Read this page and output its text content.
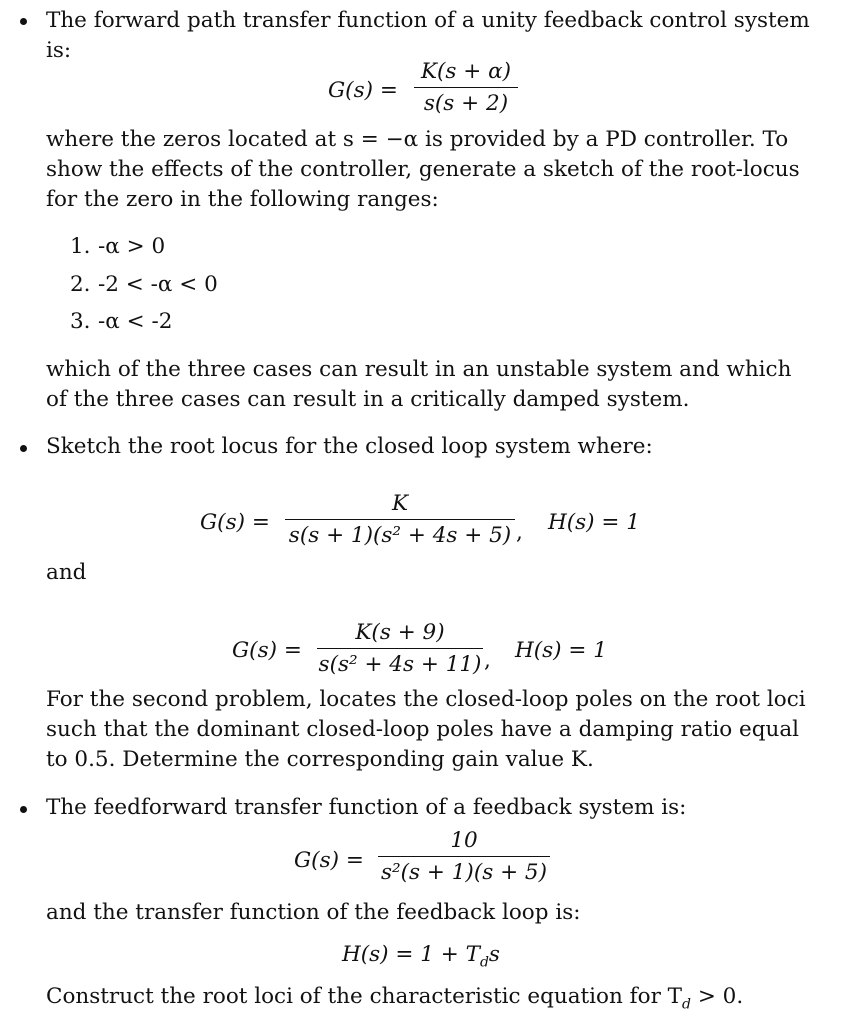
The forward path transfer function of a unity feedback control system is:
G(s) =
K(s + α)
s(s + 2)
where the zeros located at s = −α is provided by a PD controller. To show the effects of the controller, generate a sketch of the root-locus for the zero in the following ranges:
1. -α > 0
2. -2 < -α < 0
3. -α < -2
which of the three cases can result in an unstable system and which of the three cases can result in a critically damped system.
Sketch the root locus for the closed loop system where:
G(s) =
K
s(s + 1)(s² + 4s + 5) , H(s) = 1
and
G(s) =
K(s + 9)
s(s² + 4s + 11) , H(s) = 1
For the second problem, locates the closed-loop poles on the root loci such that the dominant closed-loop poles have a damping ratio equal to 0.5. Determine the corresponding gain value K.
The feedforward transfer function of a feedback system is:
G(s) =
10
s²(s + 1)(s + 5)
and the transfer function of the feedback loop is:
$H(s) = 1 + T_ds$
Construct the root loci of the characteristic equation for $T_d > 0$.
